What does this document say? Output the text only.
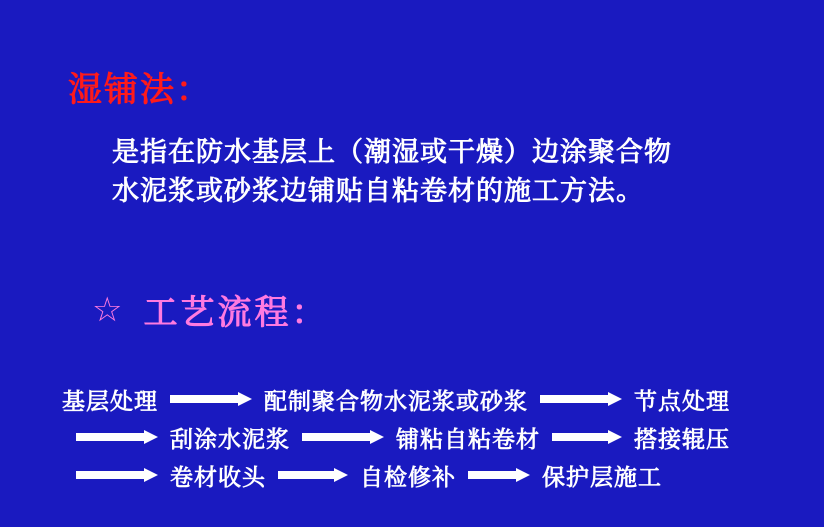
湿铺法：
是指在防水基层上（潮湿或干燥）边涂聚合物
水泥浆或砂浆边铺贴自粘卷材的施工方法。
☆ 工艺流程：
基层处理	配制聚合物水泥浆或砂浆	节点处理
刮涂水泥浆	铺粘自粘卷材	搭接辊压
卷材收头	自检修补	保护层施工
